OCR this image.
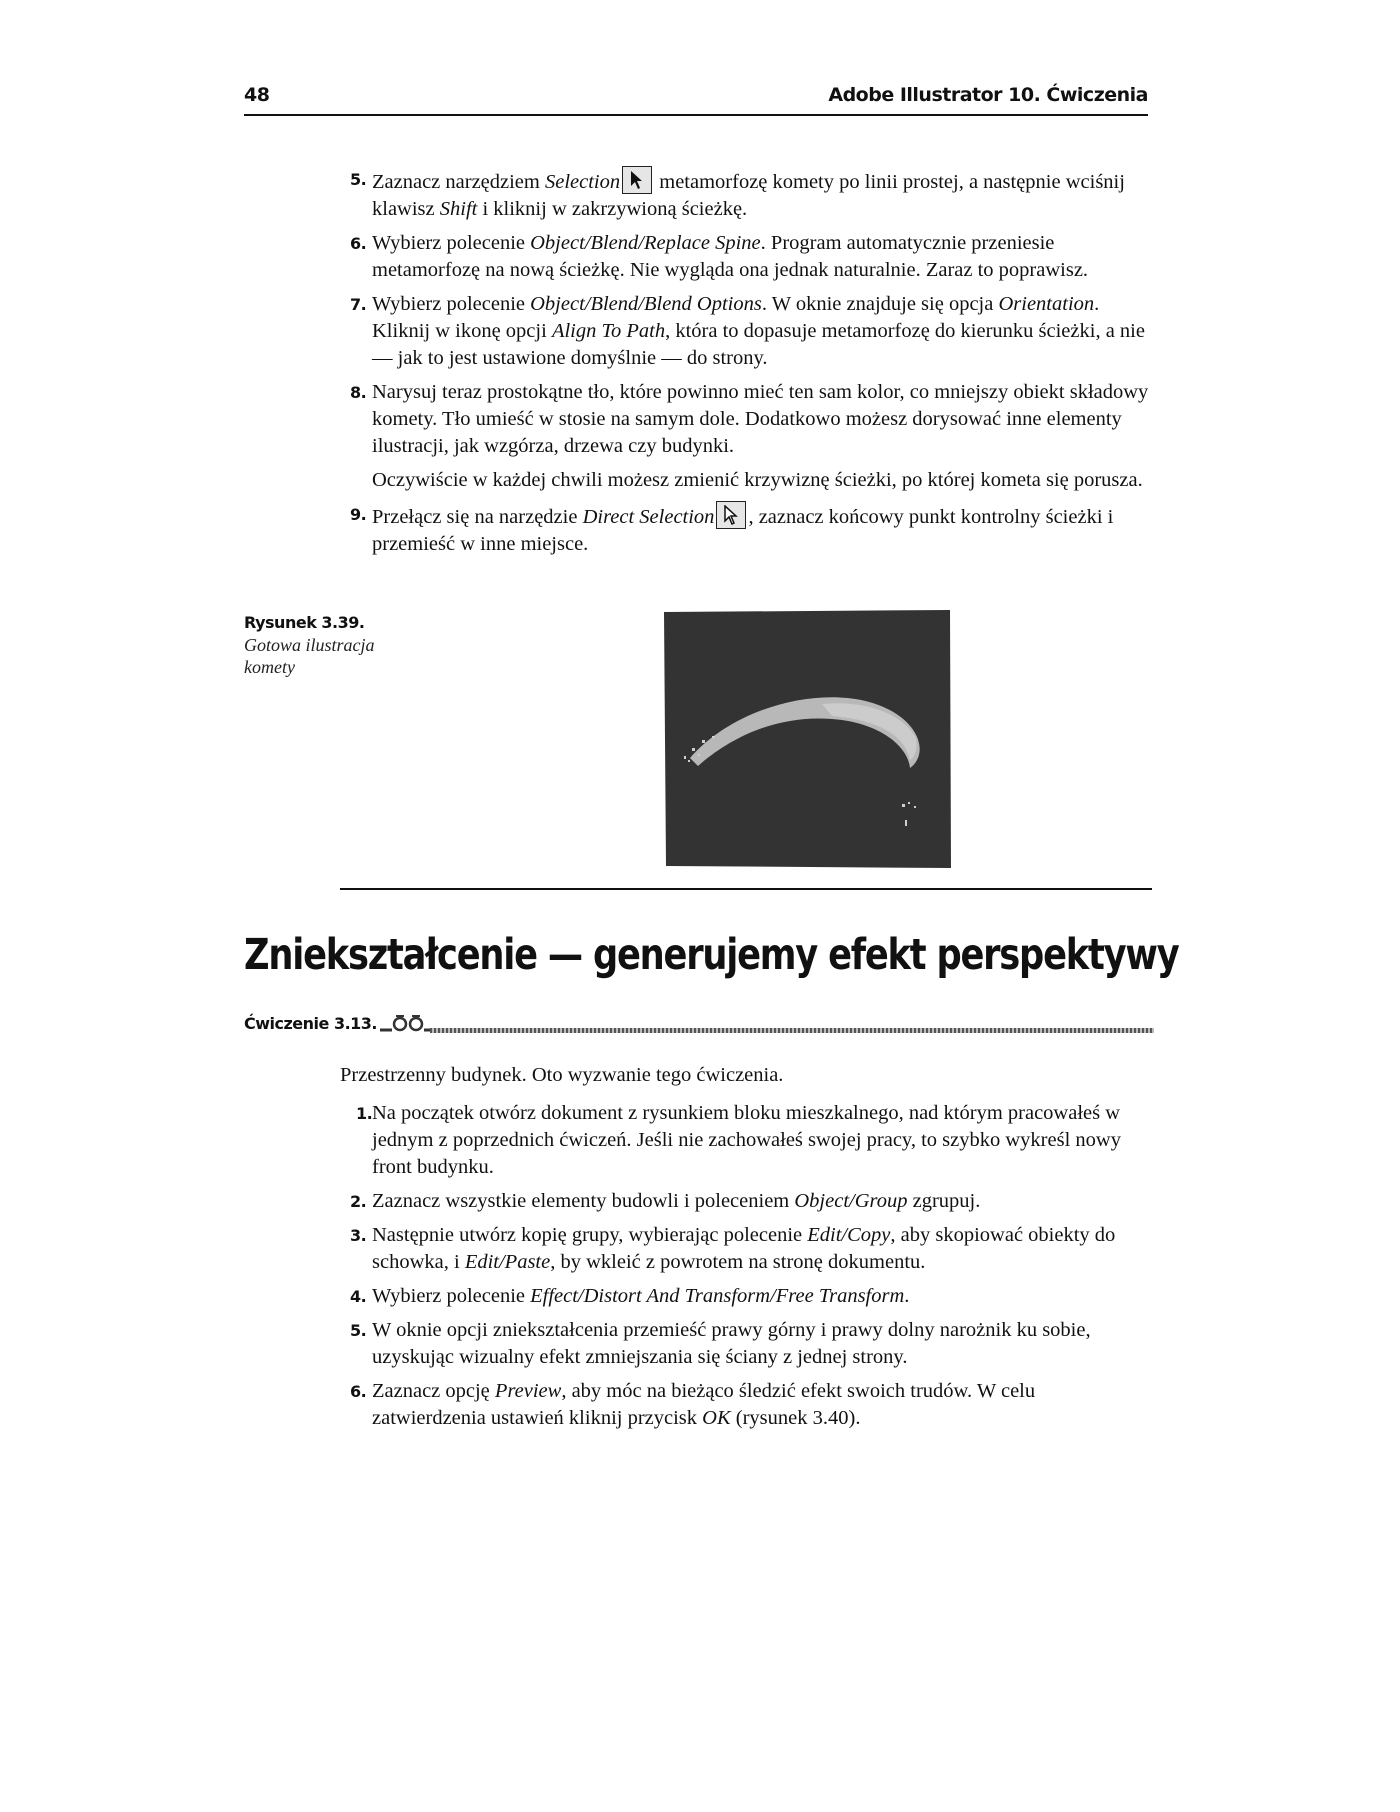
48	Adobe Illustrator 10. Ćwiczenia
5. Zaznacz narzędziem Selection
metamorfozę komety po linii prostej, a następnie wciśnij klawisz Shift i kliknij w zakrzywioną ścieżkę.
6. Wybierz polecenie Object/Blend/Replace Spine. Program automatycznie przeniesie metamorfozę na nową ścieżkę. Nie wygląda ona jednak naturalnie. Zaraz to poprawisz.
7. Wybierz polecenie Object/Blend/Blend Options. W oknie znajduje się opcja Orientation. Kliknij w ikonę opcji Align To Path, która to dopasuje metamorfozę do kierunku ścieżki, a nie — jak to jest ustawione domyślnie — do strony.
8. Narysuj teraz prostokątne tło, które powinno mieć ten sam kolor, co mniejszy obiekt składowy komety. Tło umieść w stosie na samym dole. Dodatkowo możesz dorysować inne elementy ilustracji, jak wzgórza, drzewa czy budynki.
Oczywiście w każdej chwili możesz zmienić krzywiznę ścieżki, po której kometa się porusza.
9. Przełącz się na narzędzie Direct Selection , zaznacz końcowy punkt kontrolny ścieżki i przemieść w inne miejsce.
Rysunek 3.39.
Gotowa ilustracja komety
Zniekształcenie — generujemy efekt perspektywy
Ćwiczenie 3.13.
Przestrzenny budynek. Oto wyzwanie tego ćwiczenia.
1. Na początek otwórz dokument z rysunkiem bloku mieszkalnego, nad którym pracowałeś w jednym z poprzednich ćwiczeń. Jeśli nie zachowałeś swojej pracy, to szybko wykreśl nowy front budynku.
2. Zaznacz wszystkie elementy budowli i poleceniem Object/Group zgrupuj.
3. Następnie utwórz kopię grupy, wybierając polecenie Edit/Copy, aby skopiować obiekty do schowka, i Edit/Paste, by wkleić z powrotem na stronę dokumentu.
4. Wybierz polecenie Effect/Distort And Transform/Free Transform.
5. W oknie opcji zniekształcenia przemieść prawy górny i prawy dolny narożnik ku sobie, uzyskując wizualny efekt zmniejszania się ściany z jednej strony.
6. Zaznacz opcję Preview, aby móc na bieżąco śledzić efekt swoich trudów. W celu zatwierdzenia ustawień kliknij przycisk OK (rysunek 3.40).
